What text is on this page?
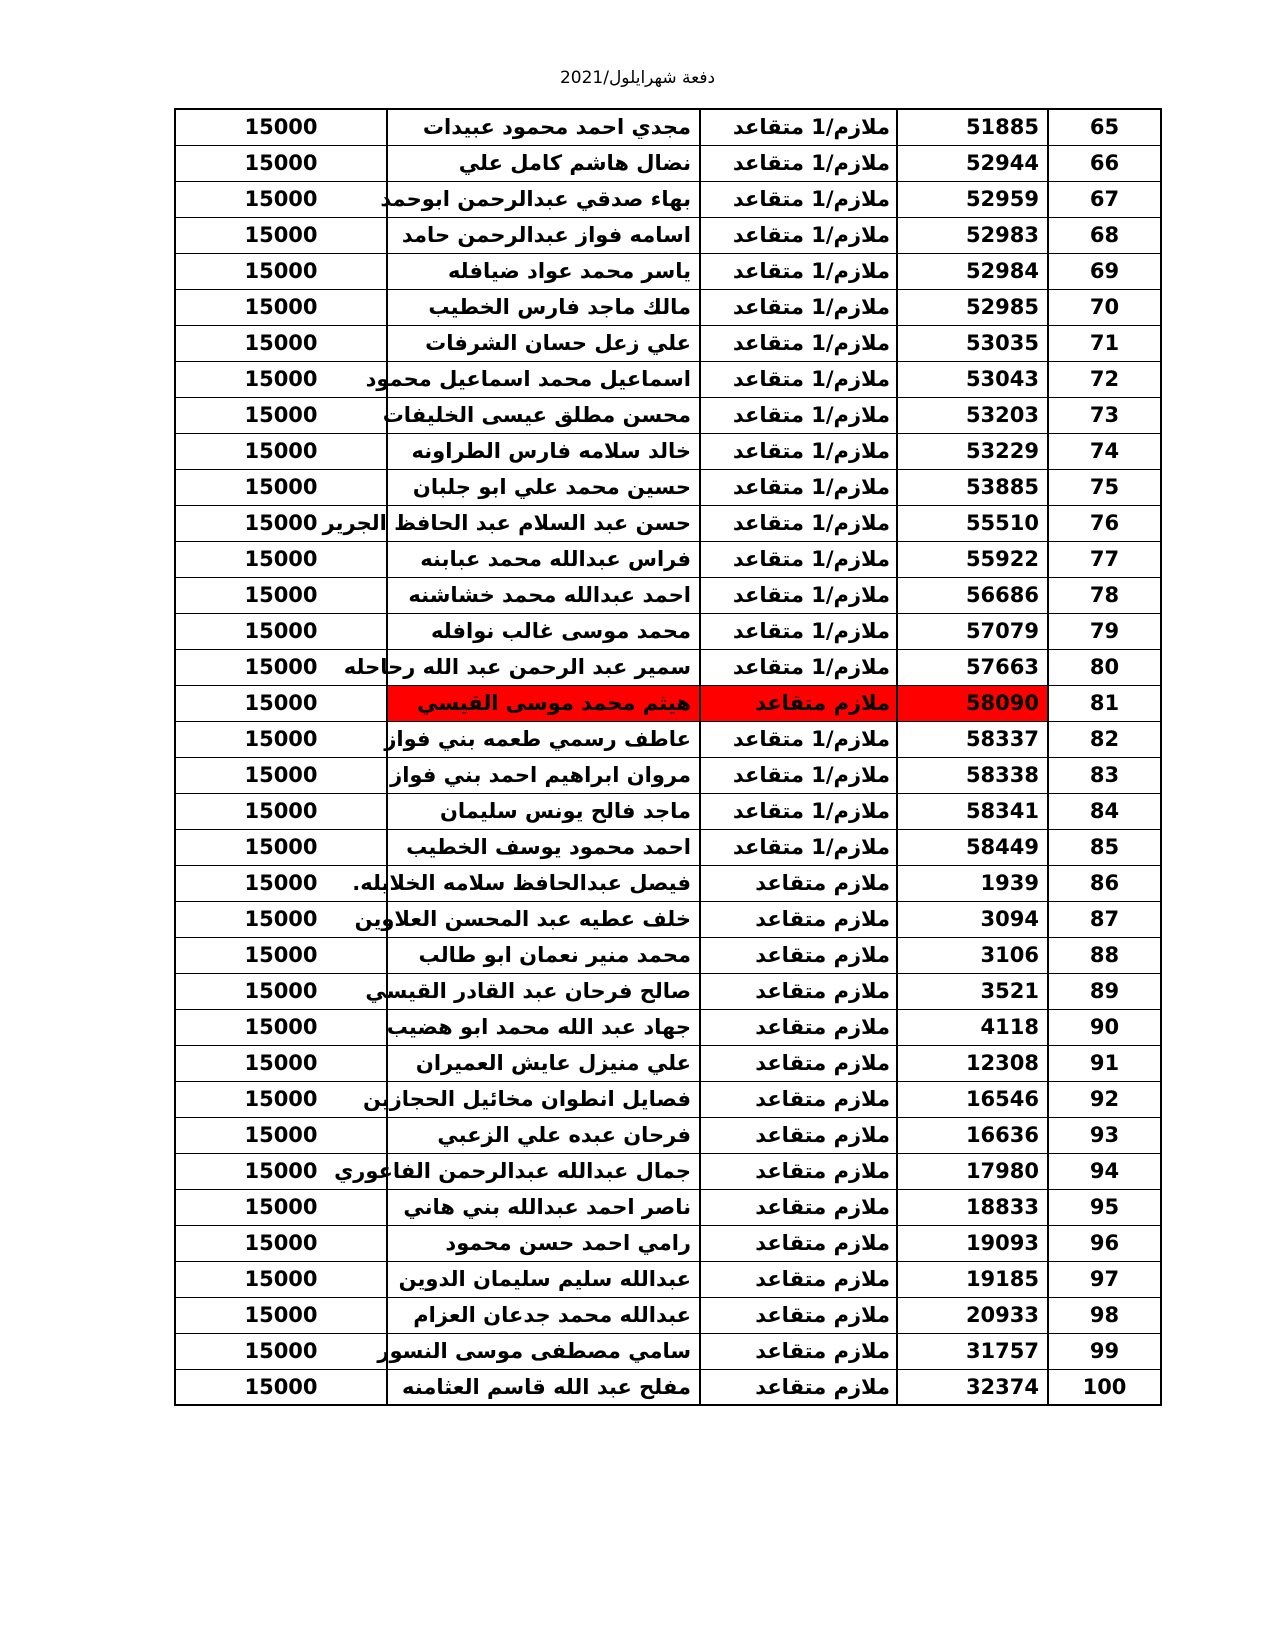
دفعة شهرايلول/2021
15000	مجدي احمد محمود عبيدات	ملازم/1 متقاعد	51885	65
15000	نضال هاشم كامل علي	ملازم/1 متقاعد	52944	66
15000	بهاء صدقي عبدالرحمن ابوحمد	ملازم/1 متقاعد	52959	67
15000	اسامه فواز عبدالرحمن حامد	ملازم/1 متقاعد	52983	68
15000	ياسر محمد عواد ضيافله	ملازم/1 متقاعد	52984	69
15000	مالك ماجد فارس الخطيب	ملازم/1 متقاعد	52985	70
15000	علي زعل حسان الشرفات	ملازم/1 متقاعد	53035	71
15000	اسماعيل محمد اسماعيل محمود	ملازم/1 متقاعد	53043	72
15000	محسن مطلق عيسى الخليفات	ملازم/1 متقاعد	53203	73
15000	خالد سلامه فارس الطراونه	ملازم/1 متقاعد	53229	74
15000	حسين محمد علي ابو جلبان	ملازم/1 متقاعد	53885	75
15000	حسن عبد السلام عبد الحافظ الجرير	ملازم/1 متقاعد	55510	76
15000	فراس عبدالله محمد عبابنه	ملازم/1 متقاعد	55922	77
15000	احمد عبدالله محمد خشاشنه	ملازم/1 متقاعد	56686	78
15000	محمد موسى غالب نوافله	ملازم/1 متقاعد	57079	79
15000	سمير عبد الرحمن عبد الله رحاحله	ملازم/1 متقاعد	57663	80
15000	هيثم محمد موسى القيسي	ملازم متقاعد	58090	81
15000	عاطف رسمي طعمه بني فواز	ملازم/1 متقاعد	58337	82
15000	مروان ابراهيم احمد بني فواز	ملازم/1 متقاعد	58338	83
15000	ماجد فالح يونس سليمان	ملازم/1 متقاعد	58341	84
15000	احمد محمود يوسف الخطيب	ملازم/1 متقاعد	58449	85
15000	فيصل عبدالحافظ سلامه الخلايله.	ملازم متقاعد	1939	86
15000	خلف عطيه عبد المحسن العلاوين	ملازم متقاعد	3094	87
15000	محمد منير نعمان ابو طالب	ملازم متقاعد	3106	88
15000	صالح فرحان عبد القادر القيسي	ملازم متقاعد	3521	89
15000	جهاد عبد الله محمد ابو هضيب	ملازم متقاعد	4118	90
15000	علي منيزل عايش العميران	ملازم متقاعد	12308	91
15000	فصايل انطوان مخائيل الحجازين	ملازم متقاعد	16546	92
15000	فرحان عبده علي الزعبي	ملازم متقاعد	16636	93
15000	جمال عبدالله عبدالرحمن الفاعوري	ملازم متقاعد	17980	94
15000	ناصر احمد عبدالله بني هاني	ملازم متقاعد	18833	95
15000	رامي احمد حسن محمود	ملازم متقاعد	19093	96
15000	عبدالله سليم سليمان الدوين	ملازم متقاعد	19185	97
15000	عبدالله محمد جدعان العزام	ملازم متقاعد	20933	98
15000	سامي مصطفى موسى النسور	ملازم متقاعد	31757	99
15000	مفلح عبد الله قاسم العثامنه	ملازم متقاعد	32374	100
